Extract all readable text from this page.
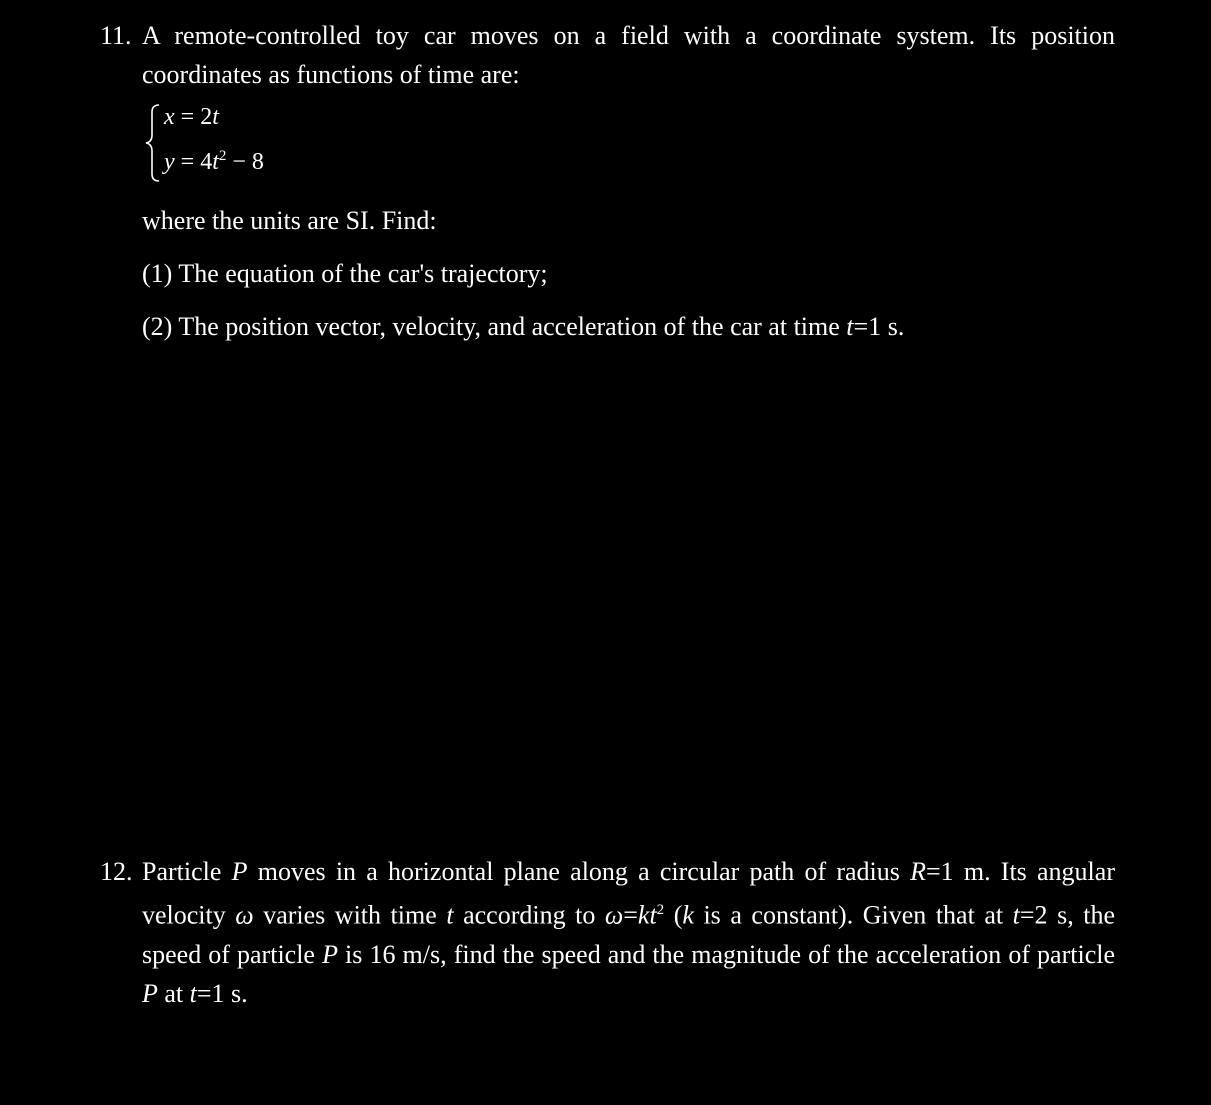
11. A remote-controlled toy car moves on a field with a coordinate system. Its position coordinates as functions of time are:

x = 2t
$y = 4t^2 - 8$

where the units are SI. Find:

(1) The equation of the car's trajectory;

(2) The position vector, velocity, and acceleration of the car at time t=1 s.

12. Particle P moves in a horizontal plane along a circular path of radius R=1 m. Its angular velocity ω varies with time t according to $\omega=kt^2$ (k is a constant). Given that at t=2 s, the speed of particle P is 16 m/s, find the speed and the magnitude of the acceleration of particle P at t=1 s.
